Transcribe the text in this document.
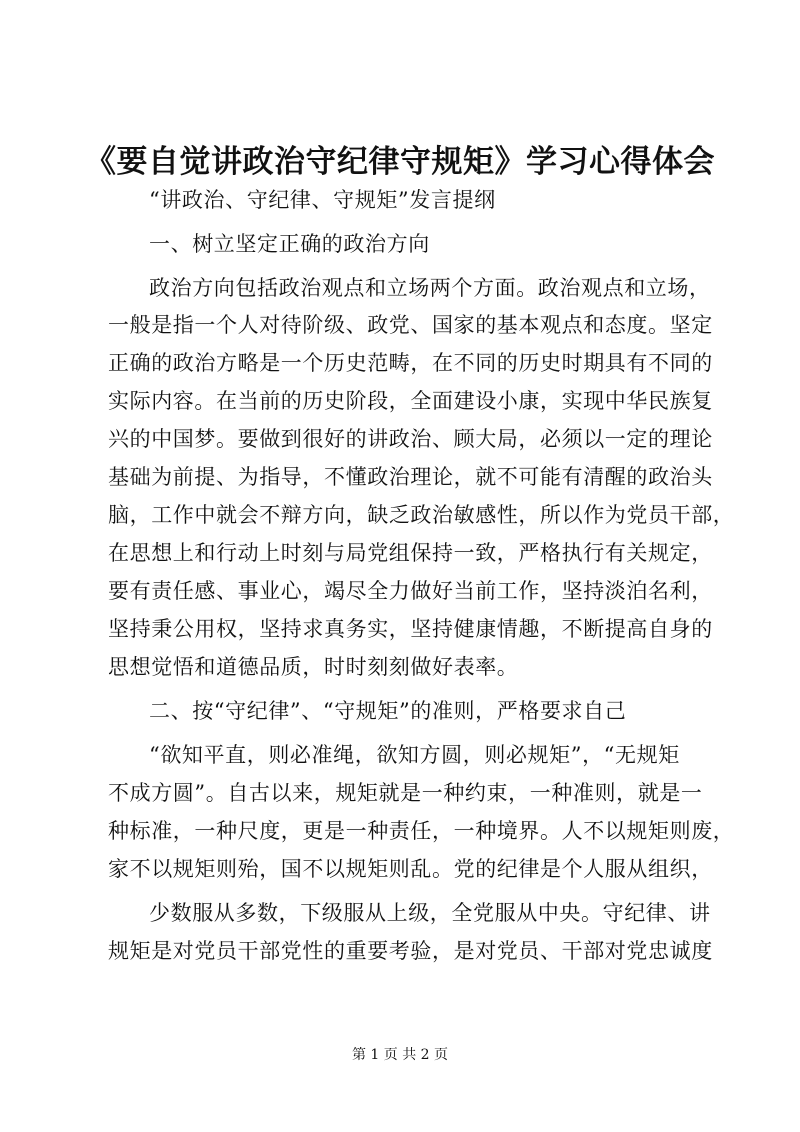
《要自觉讲政治守纪律守规矩》学习心得体会
“讲政治、守纪律、守规矩”发言提纲
一、树立坚定正确的政治方向
政治方向包括政治观点和立场两个方面。政治观点和立场，
一般是指一个人对待阶级、政党、国家的基本观点和态度。坚定
正确的政治方略是一个历史范畴，在不同的历史时期具有不同的
实际内容。在当前的历史阶段，全面建设小康，实现中华民族复
兴的中国梦。要做到很好的讲政治、顾大局，必须以一定的理论
基础为前提、为指导，不懂政治理论，就不可能有清醒的政治头
脑，工作中就会不辩方向，缺乏政治敏感性，所以作为党员干部，
在思想上和行动上时刻与局党组保持一致，严格执行有关规定，
要有责任感、事业心，竭尽全力做好当前工作，坚持淡泊名利，
坚持秉公用权，坚持求真务实，坚持健康情趣，不断提高自身的
思想觉悟和道德品质，时时刻刻做好表率。
二、按“守纪律”、“守规矩”的准则，严格要求自己
“欲知平直，则必准绳，欲知方圆，则必规矩”，“无规矩
不成方圆”。自古以来，规矩就是一种约束，一种准则，就是一
种标准，一种尺度，更是一种责任，一种境界。人不以规矩则废，
家不以规矩则殆，国不以规矩则乱。党的纪律是个人服从组织，
少数服从多数，下级服从上级，全党服从中央。守纪律、讲
规矩是对党员干部党性的重要考验，是对党员、干部对党忠诚度
第 1 页 共 2 页
